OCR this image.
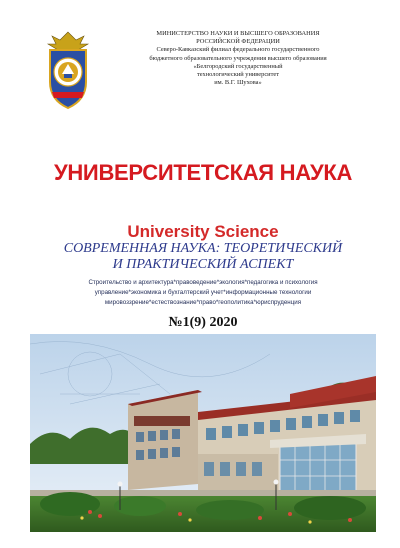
МИНИСТЕРСТВО НАУКИ И ВЫСШЕГО ОБРАЗОВАНИЯ
РОССИЙСКОЙ ФЕДЕРАЦИИ
Северо-Кавказский филиал федерального государственного
бюджетного образовательного учреждения высшего образования
«Белгородский государственный
технологический университет
им. В.Г. Шухова»
УНИВЕРСИТЕТСКАЯ НАУКА
University Science
СОВРЕМЕННАЯ НАУКА: ТЕОРЕТИЧЕСКИЙ
И ПРАКТИЧЕСКИЙ АСПЕКТ
Строительство и архитектура*правоведение*экология*педагогика и психология
управление*экономика и бухгалтерский учет*информационные технологии
мировоззрение*естествознание*право*геополитика*юриспруденция
№1(9) 2020
